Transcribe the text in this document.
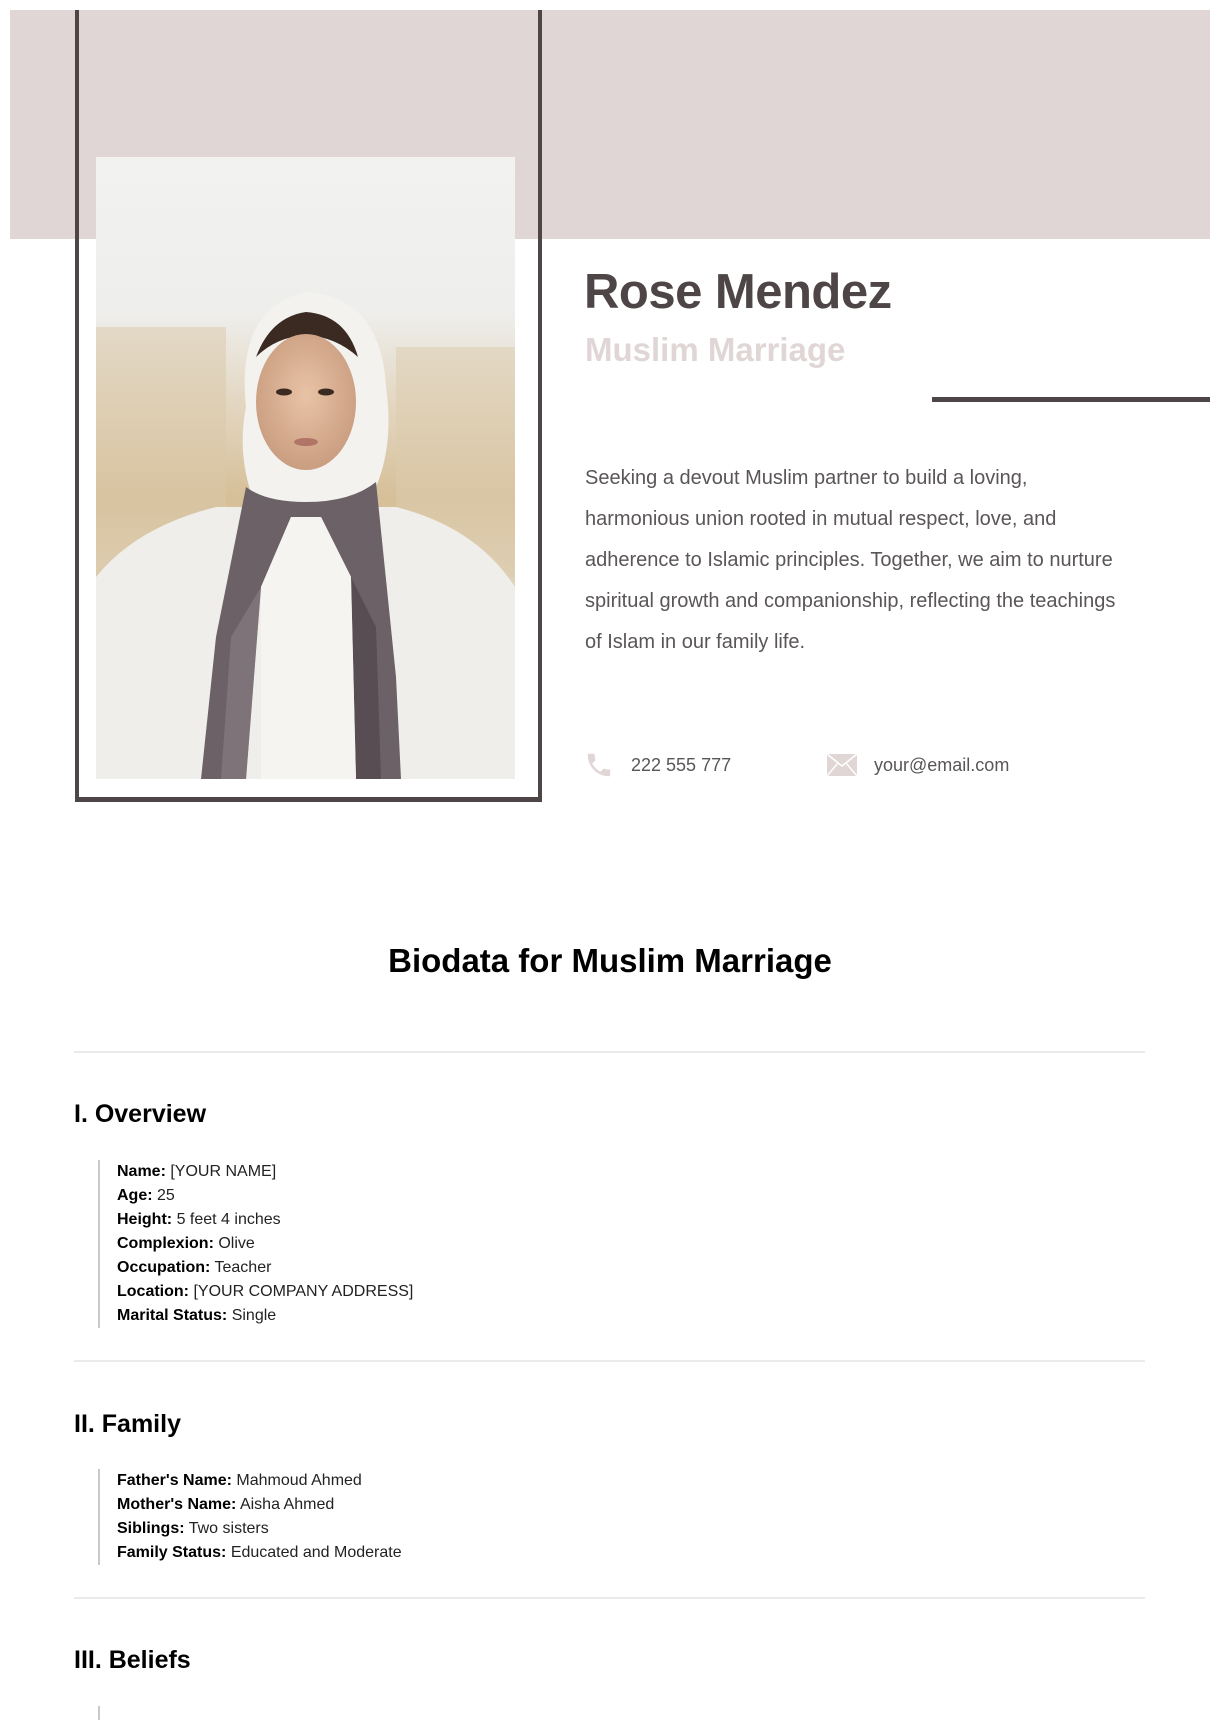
Rose Mendez
Muslim Marriage

Seeking a devout Muslim partner to build a loving, harmonious union rooted in mutual respect, love, and adherence to Islamic principles. Together, we aim to nurture spiritual growth and companionship, reflecting the teachings of Islam in our family life.

222 555 777	your@email.com
Biodata for Muslim Marriage
I. Overview
Name: [YOUR NAME]
Age: 25
Height: 5 feet 4 inches
Complexion: Olive
Occupation: Teacher
Location: [YOUR COMPANY ADDRESS]
Marital Status: Single
II. Family
Father's Name: Mahmoud Ahmed
Mother's Name: Aisha Ahmed
Siblings: Two sisters
Family Status: Educated and Moderate
III. Beliefs
